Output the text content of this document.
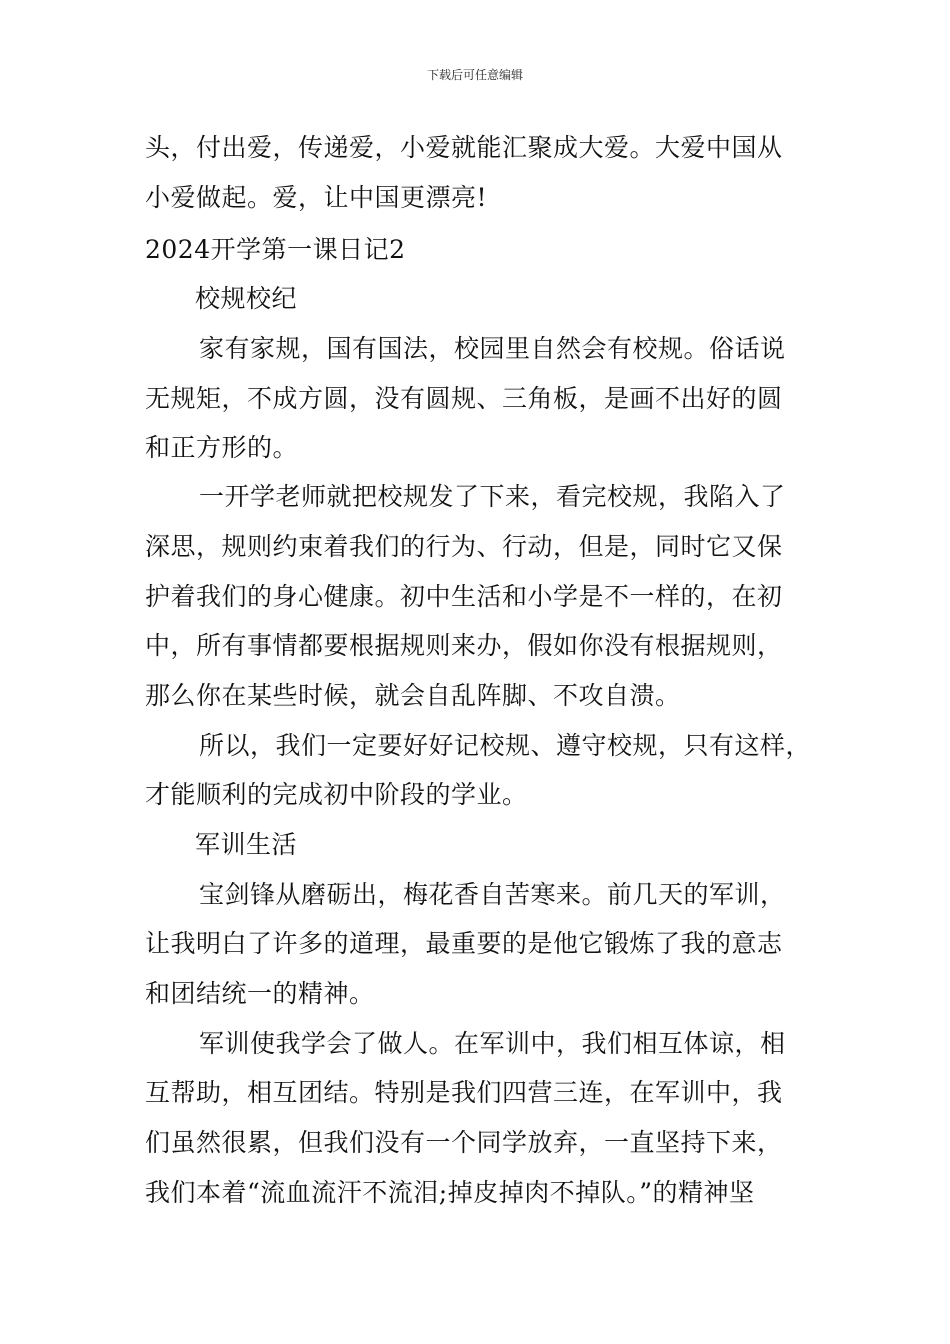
下载后可任意编辑
头，付出爱，传递爱，小爱就能汇聚成大爱。大爱中国从
小爱做起。爱，让中国更漂亮!
2024开学第一课日记2
校规校纪
家有家规，国有国法，校园里自然会有校规。俗话说
无规矩，不成方圆，没有圆规、三角板，是画不出好的圆
和正方形的。
一开学老师就把校规发了下来，看完校规，我陷入了
深思，规则约束着我们的行为、行动，但是，同时它又保
护着我们的身心健康。初中生活和小学是不一样的，在初
中，所有事情都要根据规则来办，假如你没有根据规则，
那么你在某些时候，就会自乱阵脚、不攻自溃。
所以，我们一定要好好记校规、遵守校规，只有这样，
才能顺利的完成初中阶段的学业。
军训生活
宝剑锋从磨砺出，梅花香自苦寒来。前几天的军训，
让我明白了许多的道理，最重要的是他它锻炼了我的意志
和团结统一的精神。
军训使我学会了做人。在军训中，我们相互体谅，相
互帮助，相互团结。特别是我们四营三连，在军训中，我
们虽然很累，但我们没有一个同学放弃，一直坚持下来，
我们本着“流血流汗不流泪;掉皮掉肉不掉队。”的精神坚
